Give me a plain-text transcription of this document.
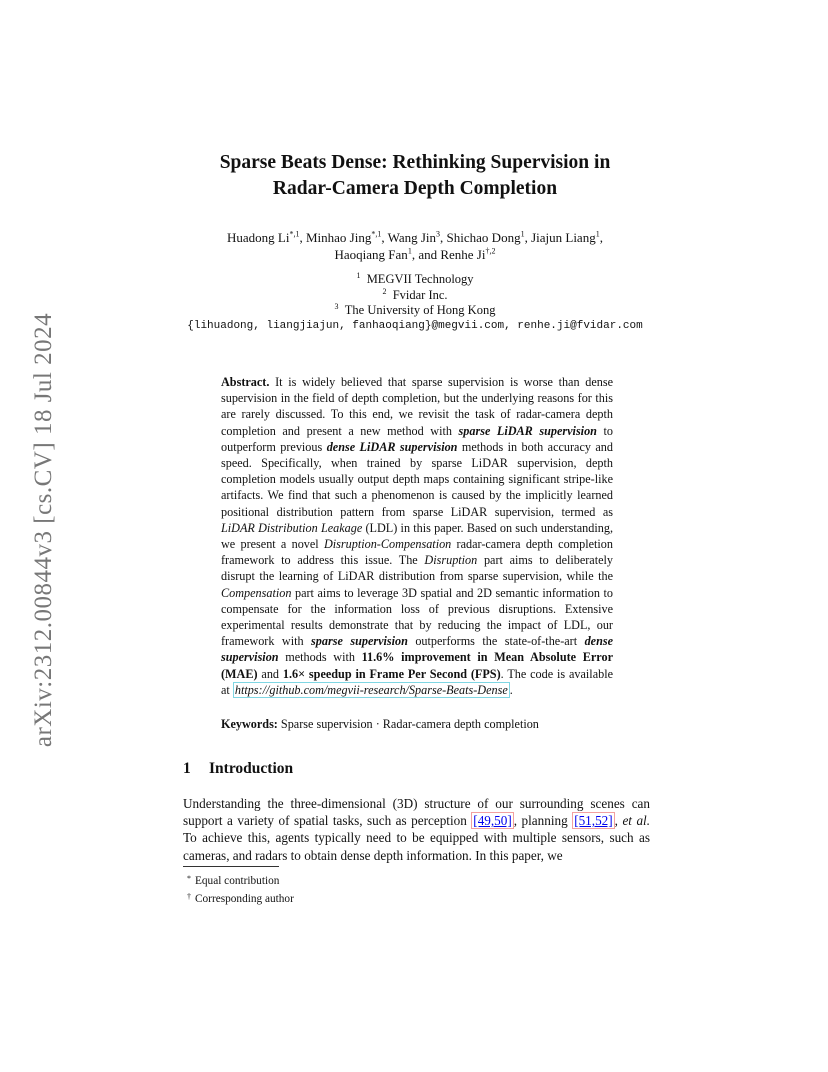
arXiv:2312.00844v3 [cs.CV] 18 Jul 2024
Sparse Beats Dense: Rethinking Supervision in
Radar-Camera Depth Completion
Huadong $Li^{*,1}$, Minhao Jing$^{*,1}$, Wang Jin$^3$, Shichao Dong$^1$, Jiajun Liang$^1$,
Haoqiang Fan$^1$, and Renhe $Ji^{\dagger,2}$
$^1$ MEGVII Technology
$^2$ Fvidar Inc.
$^3$ The University of Hong Kong
{lihuadong, liangjiajun, fanhaoqiang}@megvii.com, renhe.ji@fvidar.com
Abstract. It is widely believed that sparse supervision is worse than dense supervision in the field of depth completion, but the underlying reasons for this are rarely discussed. To this end, we revisit the task of radar-camera depth completion and present a new method with sparse LiDAR supervision to outperform previous dense LiDAR supervision methods in both accuracy and speed. Specifically, when trained by sparse LiDAR supervision, depth completion models usually output depth maps containing significant stripe-like artifacts. We find that such a phenomenon is caused by the implicitly learned positional distribution pattern from sparse LiDAR supervision, termed as LiDAR Distribution Leakage (LDL) in this paper. Based on such understanding, we present a novel Disruption-Compensation radar-camera depth completion framework to address this issue. The Disruption part aims to deliberately disrupt the learning of LiDAR distribution from sparse supervision, while the Compensation part aims to leverage 3D spatial and 2D semantic information to compensate for the information loss of previous disruptions. Extensive experimental results demonstrate that by reducing the impact of LDL, our framework with sparse supervision outperforms the state-of-the-art dense supervision methods with 11.6% improvement in Mean Absolute Error (MAE) and 1.6× speedup in Frame Per Second (FPS). The code is available at https://github.com/megvii-research/Sparse-Beats-Dense .
Keywords: Sparse supervision · Radar-camera depth completion
1 Introduction
Understanding the three-dimensional (3D) structure of our surrounding scenes can support a variety of spatial tasks, such as perception [49,50] , planning [51,52] , et al. To achieve this, agents typically need to be equipped with multiple sensors, such as cameras, and radars to obtain dense depth information. In this paper, we
* Equal contribution
† Corresponding author
